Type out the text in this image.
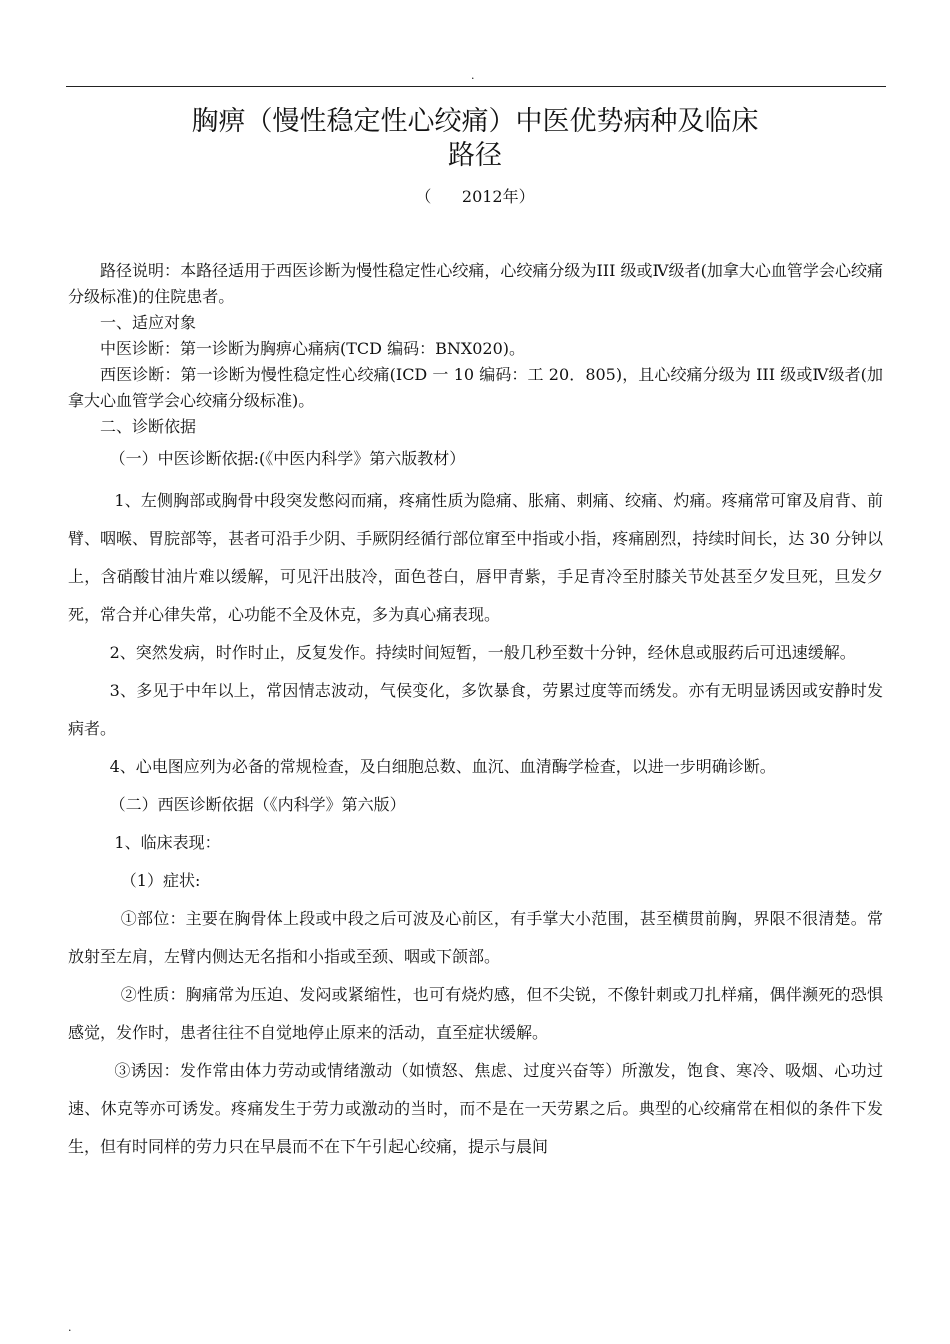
.
胸痹（慢性稳定性心绞痛）中医优势病种及临床
路径
（      2012年）

路径说明：本路径适用于西医诊断为慢性稳定性心绞痛，心绞痛分级为III 级或Ⅳ级者(加拿大心血管学会心绞痛分级标准)的住院患者。

一、适应对象

中医诊断：第一诊断为胸痹心痛病(TCD 编码：BNX020)。

西医诊断：第一诊断为慢性稳定性心绞痛(ICD 一 10 编码：工 20．805)，且心绞痛分级为 III 级或Ⅳ级者(加拿大心血管学会心绞痛分级标准)。

二、诊断依据

（一）中医诊断依据:(《中医内科学》第六版教材）

1、左侧胸部或胸骨中段突发憋闷而痛，疼痛性质为隐痛、胀痛、刺痛、绞痛、灼痛。疼痛常可窜及肩背、前臂、咽喉、胃脘部等，甚者可沿手少阴、手厥阴经循行部位窜至中指或小指，疼痛剧烈，持续时间长，达 30 分钟以上，含硝酸甘油片难以缓解，可见汗出肢冷，面色苍白，唇甲青紫，手足青冷至肘膝关节处甚至夕发旦死，旦发夕死，常合并心律失常，心功能不全及休克，多为真心痛表现。

2、突然发病，时作时止，反复发作。持续时间短暂，一般几秒至数十分钟，经休息或服药后可迅速缓解。

3、多见于中年以上，常因情志波动，气侯变化，多饮暴食，劳累过度等而绣发。亦有无明显诱因或安静时发病者。

4、心电图应列为必备的常规检查，及白细胞总数、血沉、血清酶学检查，以进一步明确诊断。

（二）西医诊断依据（《内科学》第六版）

1、临床表现：

（1）症状:

①部位：主要在胸骨体上段或中段之后可波及心前区，有手掌大小范围，甚至横贯前胸，界限不很清楚。常放射至左肩，左臂内侧达无名指和小指或至颈、咽或下颌部。

②性质：胸痛常为压迫、发闷或紧缩性，也可有烧灼感，但不尖锐，不像针刺或刀扎样痛，偶伴濒死的恐惧感觉，发作时，患者往往不自觉地停止原来的活动，直至症状缓解。

③诱因：发作常由体力劳动或情绪激动（如愤怒、焦虑、过度兴奋等）所激发，饱食、寒冷、吸烟、心功过速、休克等亦可诱发。疼痛发生于劳力或激动的当时，而不是在一天劳累之后。典型的心绞痛常在相似的条件下发生，但有时同样的劳力只在早晨而不在下午引起心绞痛，提示与晨间

.
